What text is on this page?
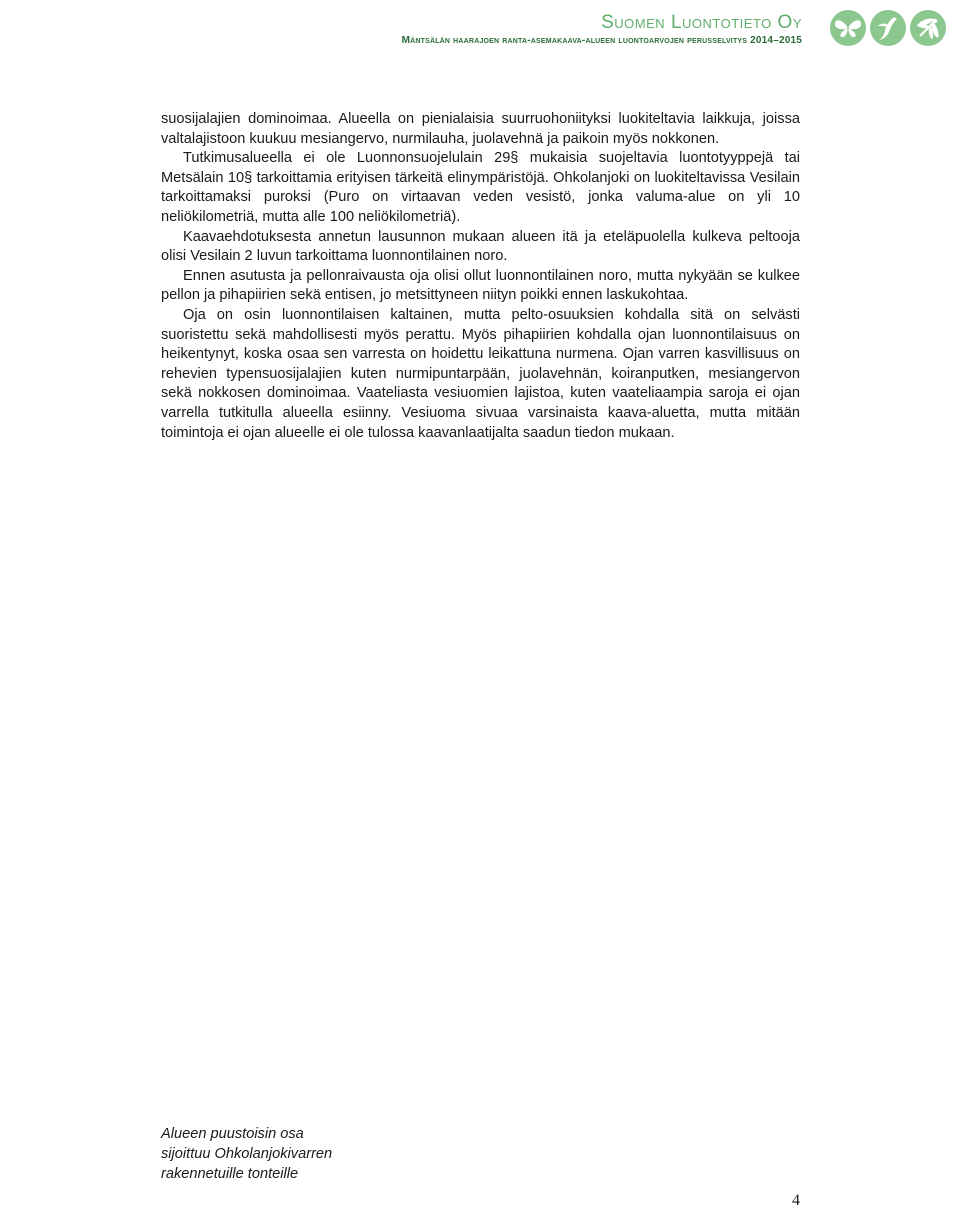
Suomen Luontotieto Oy
Mäntsälän haarajoen ranta-asemakaava-alueen luontoarvojen perusselvitys 2014–2015

suosijalajien dominoimaa. Alueella on pienialaisia suurruohoniityksi luokiteltavia laikkuja, joissa valtalajistoon kuukuu mesiangervo, nurmilauha, juolavehnä ja paikoin myös nokkonen.

Tutkimusalueella ei ole Luonnonsuojelulain 29§ mukaisia suojeltavia luontotyyppejä tai Metsälain 10§ tarkoittamia erityisen tärkeitä elinympäristöjä. Ohkolanjoki on luokiteltavissa Vesilain tarkoittamaksi puroksi (Puro on virtaavan veden vesistö, jonka valuma-alue on yli 10 neliökilometriä, mutta alle 100 neliökilometriä).

Kaavaehdotuksesta annetun lausunnon mukaan alueen itä ja eteläpuolella kulkeva peltooja olisi Vesilain 2 luvun tarkoittama luonnontilainen noro.

Ennen asutusta ja pellonraivausta oja olisi ollut luonnontilainen noro, mutta nykyään se kulkee pellon ja pihapiirien sekä entisen, jo metsittyneen niityn poikki ennen laskukohtaa.

Oja on osin luonnontilaisen kaltainen, mutta pelto-osuuksien kohdalla sitä on selvästi suoristettu sekä mahdollisesti myös perattu. Myös pihapiirien kohdalla ojan luonnontilaisuus on heikentynyt, koska osaa sen varresta on hoidettu leikattuna nurmena. Ojan varren kasvillisuus on rehevien typensuosijalajien kuten nurmipuntarpään, juolavehnän, koiranputken, mesiangervon sekä nokkosen dominoimaa. Vaateliasta vesiuomien lajistoa, kuten vaateliaampia saroja ei ojan varrella tutkitulla alueella esiinny. Vesiuoma sivuaa varsinaista kaava-aluetta, mutta mitään toimintoja ei ojan alueelle ei ole tulossa kaavanlaatijalta saadun tiedon mukaan.

Alueen puustoisin osa
sijoittuu Ohkolanjokivarren
rakennetuille tonteille
4
